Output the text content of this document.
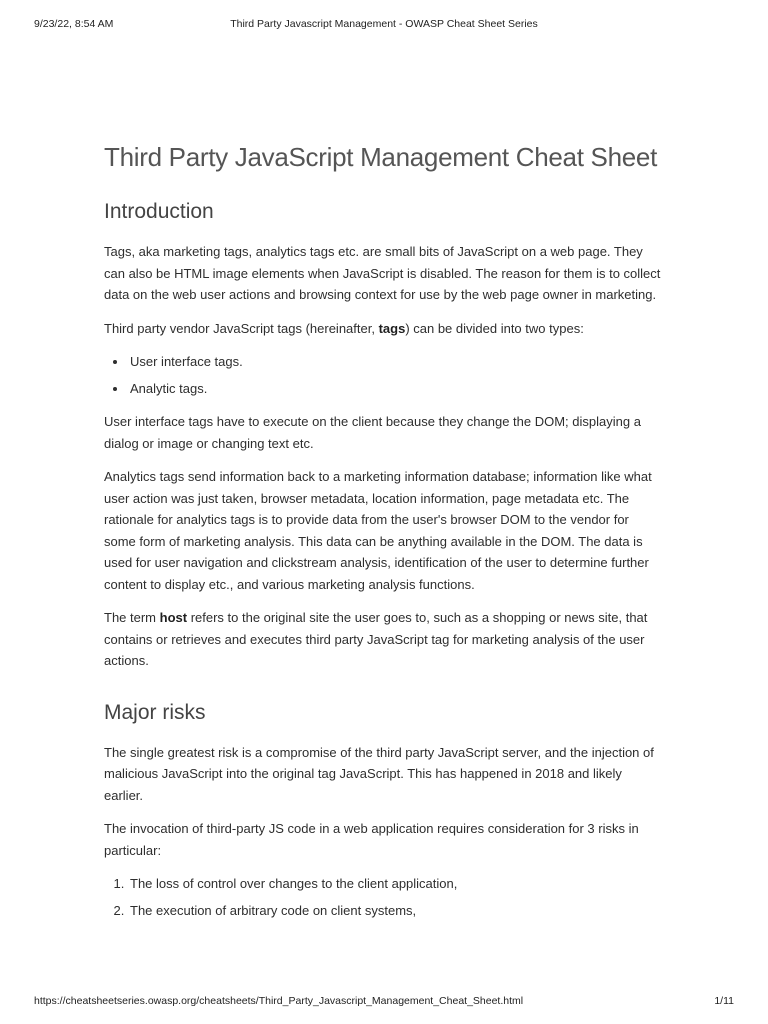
9/23/22, 8:54 AM	Third Party Javascript Management - OWASP Cheat Sheet Series
Third Party JavaScript Management Cheat Sheet
Introduction

Tags, aka marketing tags, analytics tags etc. are small bits of JavaScript on a web page. They can also be HTML image elements when JavaScript is disabled. The reason for them is to collect data on the web user actions and browsing context for use by the web page owner in marketing.

Third party vendor JavaScript tags (hereinafter, tags) can be divided into two types:

• User interface tags.
• Analytic tags.

User interface tags have to execute on the client because they change the DOM; displaying a dialog or image or changing text etc.

Analytics tags send information back to a marketing information database; information like what user action was just taken, browser metadata, location information, page metadata etc. The rationale for analytics tags is to provide data from the user's browser DOM to the vendor for some form of marketing analysis. This data can be anything available in the DOM. The data is used for user navigation and clickstream analysis, identification of the user to determine further content to display etc., and various marketing analysis functions.

The term host refers to the original site the user goes to, such as a shopping or news site, that contains or retrieves and executes third party JavaScript tag for marketing analysis of the user actions.

Major risks

The single greatest risk is a compromise of the third party JavaScript server, and the injection of malicious JavaScript into the original tag JavaScript. This has happened in 2018 and likely earlier.

The invocation of third-party JS code in a web application requires consideration for 3 risks in particular:

1. The loss of control over changes to the client application,
2. The execution of arbitrary code on client systems,
https://cheatsheetseries.owasp.org/cheatsheets/Third_Party_Javascript_Management_Cheat_Sheet.html	1/11
